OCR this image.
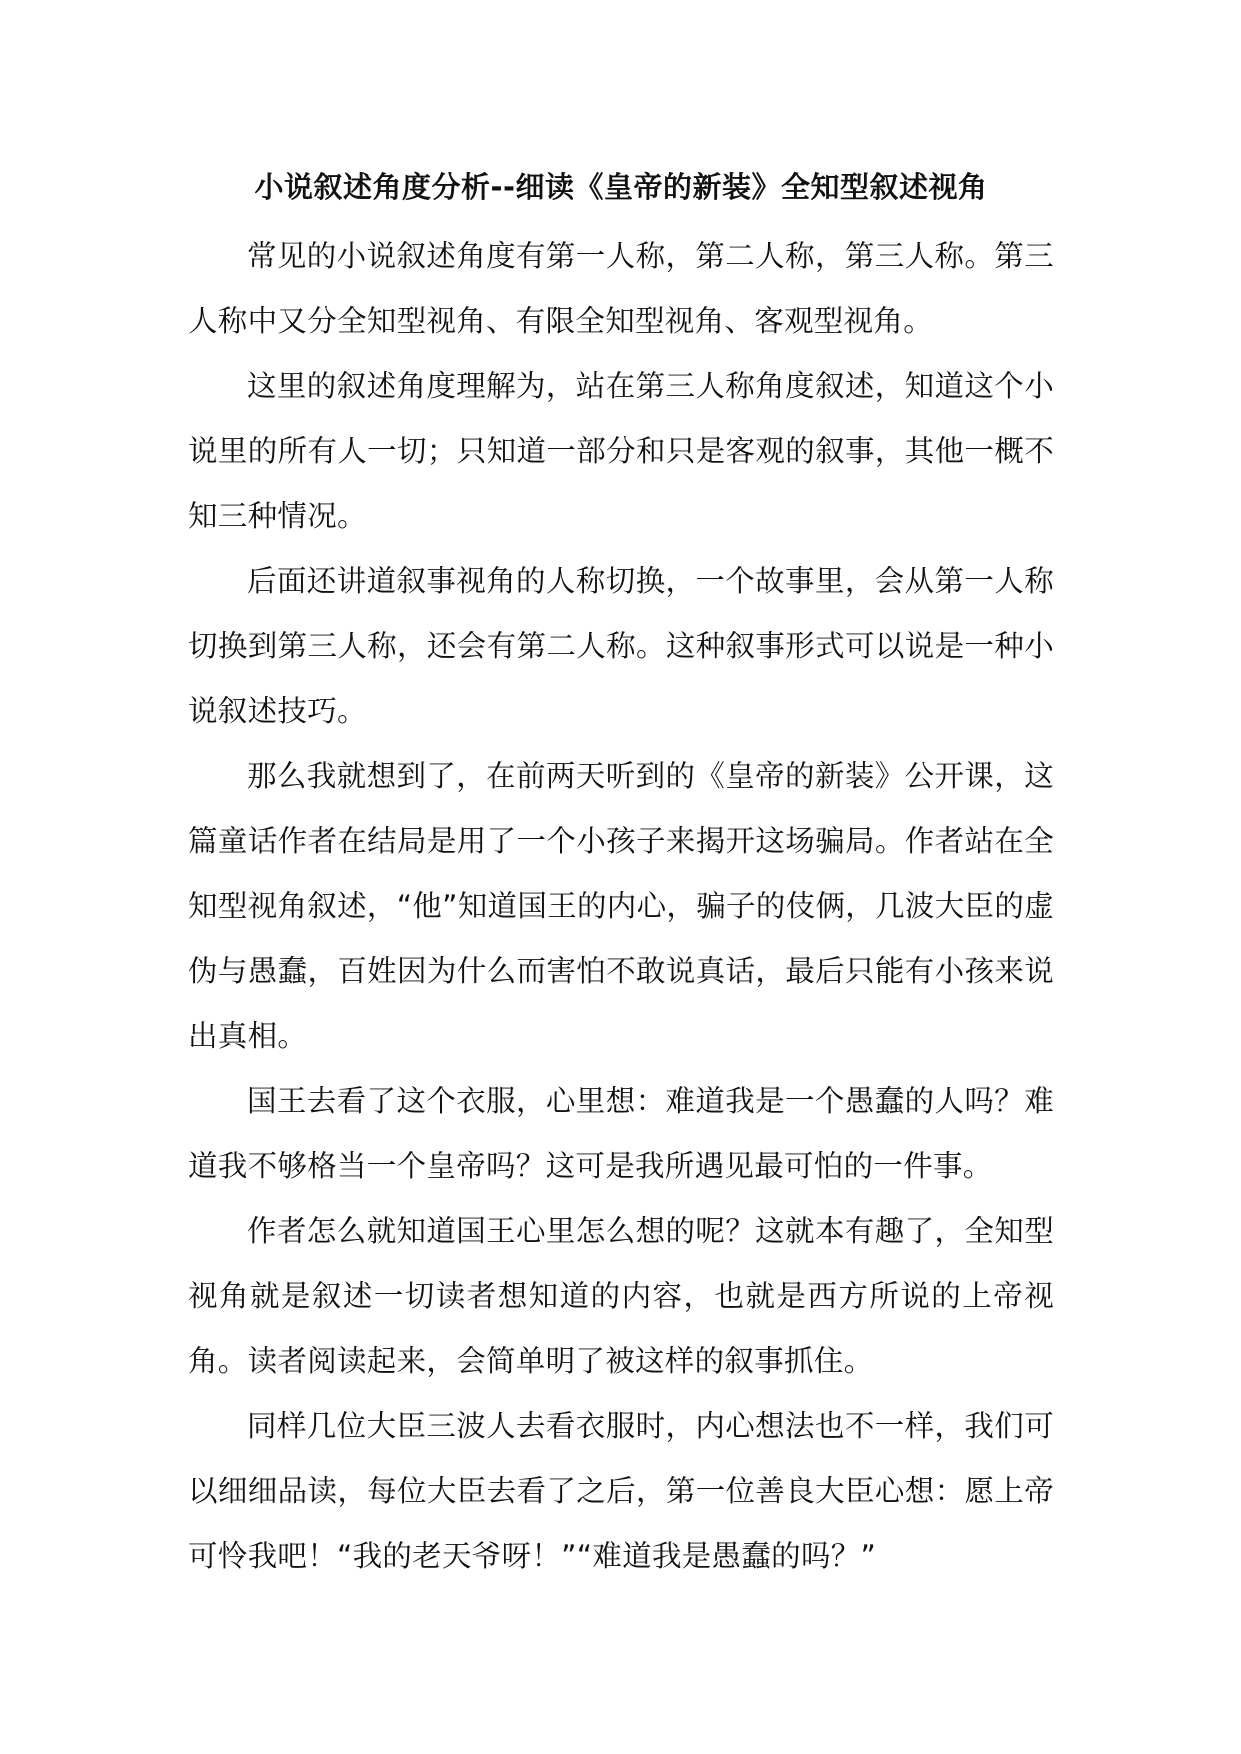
小说叙述角度分析--细读《皇帝的新装》全知型叙述视角

常见的小说叙述角度有第一人称，第二人称，第三人称。第三人称中又分全知型视角、有限全知型视角、客观型视角。

这里的叙述角度理解为，站在第三人称角度叙述，知道这个小说里的所有人一切；只知道一部分和只是客观的叙事，其他一概不知三种情况。

后面还讲道叙事视角的人称切换，一个故事里，会从第一人称切换到第三人称，还会有第二人称。这种叙事形式可以说是一种小说叙述技巧。

那么我就想到了，在前两天听到的《皇帝的新装》公开课，这篇童话作者在结局是用了一个小孩子来揭开这场骗局。作者站在全知型视角叙述，“他”知道国王的内心，骗子的伎俩，几波大臣的虚伪与愚蠢，百姓因为什么而害怕不敢说真话，最后只能有小孩来说出真相。

国王去看了这个衣服，心里想：难道我是一个愚蠢的人吗？难道我不够格当一个皇帝吗？这可是我所遇见最可怕的一件事。

作者怎么就知道国王心里怎么想的呢？这就本有趣了，全知型视角就是叙述一切读者想知道的内容，也就是西方所说的上帝视角。读者阅读起来，会简单明了被这样的叙事抓住。

同样几位大臣三波人去看衣服时，内心想法也不一样，我们可以细细品读，每位大臣去看了之后，第一位善良大臣心想：愿上帝可怜我吧！“我的老天爷呀！”“难道我是愚蠢的吗？”
